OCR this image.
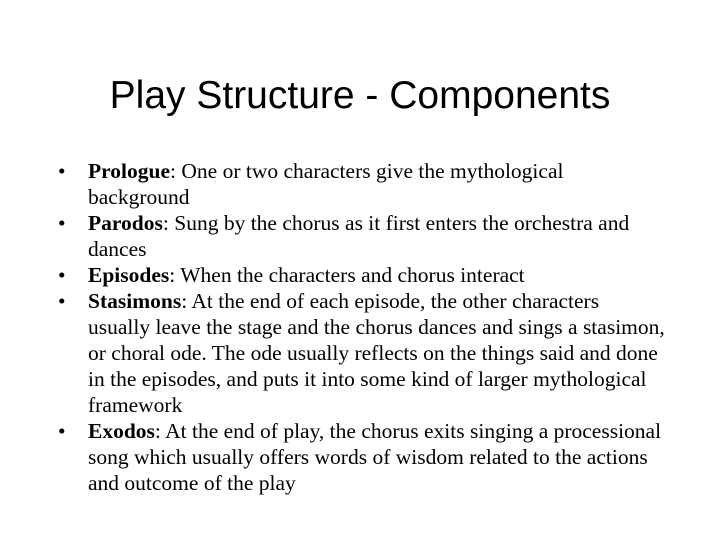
Play Structure - Components
•	Prologue: One or two characters give the mythological background
•	Parodos: Sung by the chorus as it first enters the orchestra and dances
•	Episodes: When the characters and chorus interact
•	Stasimons: At the end of each episode, the other characters usually leave the stage and the chorus dances and sings a stasimon, or choral ode. The ode usually reflects on the things said and done in the episodes, and puts it into some kind of larger mythological framework
•	Exodos: At the end of play, the chorus exits singing a processional song which usually offers words of wisdom related to the actions and outcome of the play
